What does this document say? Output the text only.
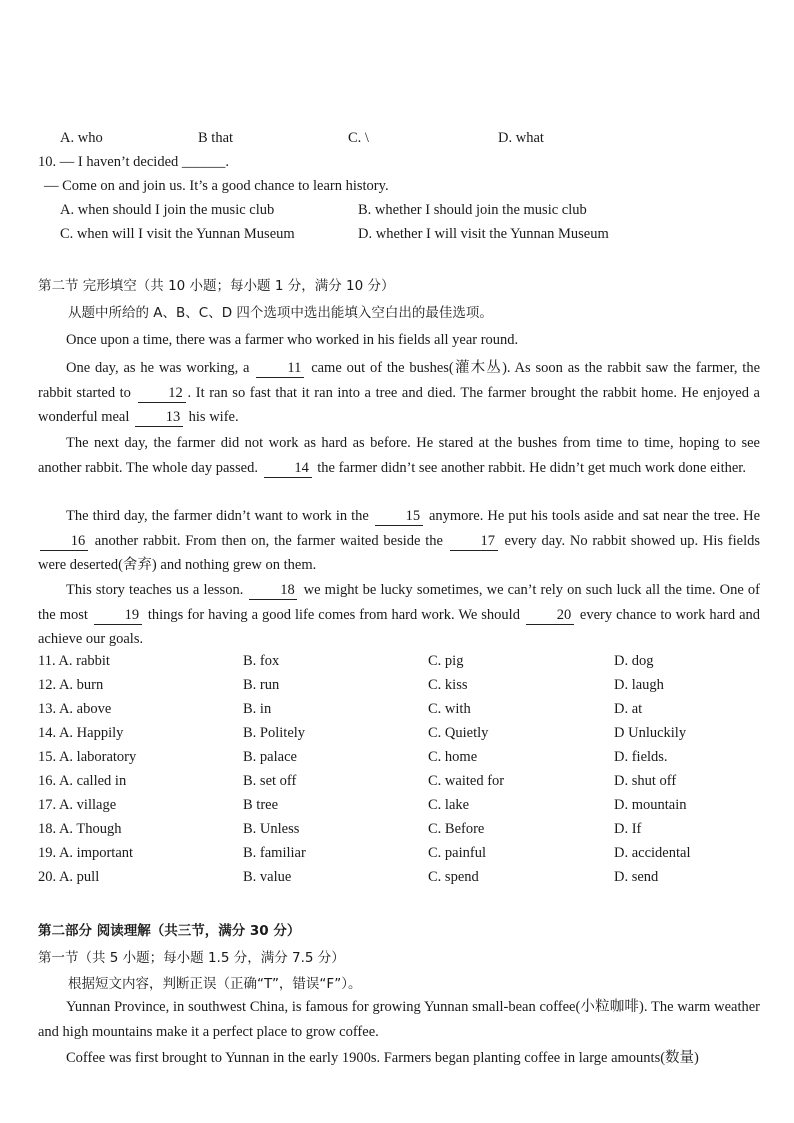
A. who	B that	C. \	D. what
10. — I haven’t decided ______.
— Come on and join us. It’s a good chance to learn history.
A. when should I join the music club	B. whether I should join the music club
C. when will I visit the Yunnan Museum	D. whether I will visit the Yunnan Museum
第二节 完形填空（共 10 小题；每小题 1 分，满分 10 分）
从题中所给的 A、B、C、D 四个选项中选出能填入空白出的最佳选项。
Once upon a time, there was a farmer who worked in his fields all year round.
One day, as he was working, a	11 came out of the bushes(灌木丛). As soon as the rabbit saw the farmer, the rabbit started to	12 . It ran so fast that it ran into a tree and died. The farmer brought the rabbit home. He enjoyed a wonderful meal	13 his wife.
The next day, the farmer did not work as hard as before. He stared at the bushes from time to time, hoping to see another rabbit. The whole day passed.	14 the farmer didn’t see another rabbit. He didn’t get much work done either.
The third day, the farmer didn’t want to work in the	15 anymore. He put his tools aside and sat near the tree. He 16 another rabbit. From then on, the farmer waited beside the	17 every day. No rabbit showed up. His fields were deserted(舍弃) and nothing grew on them.
This story teaches us a lesson.	18 we might be lucky sometimes, we can’t rely on such luck all the time. One of the most	19 things for having a good life comes from hard work. We should	20 every chance to work hard and achieve our goals.
11. A. rabbit	B. fox	C. pig	D. dog
12. A. burn	B. run	C. kiss	D. laugh
13. A. above	B. in	C. with	D. at
14. A. Happily	B. Politely	C. Quietly	D Unluckily
15. A. laboratory	B. palace	C. home	D. fields.
16. A. called in	B. set off	C. waited for	D. shut off
17. A. village	B tree	C. lake	D. mountain
18. A. Though	B. Unless	C. Before	D. If
19. A. important	B. familiar	C. painful	D. accidental
20. A. pull	B. value	C. spend	D. send
第二部分 阅读理解（共三节，满分 30 分）
第一节（共 5 小题；每小题 1.5 分，满分 7.5 分）
根据短文内容，判断正误（正确“T”，错误“F”）。
Yunnan Province, in southwest China, is famous for growing Yunnan small-bean coffee(小粒咖啡). The warm weather and high mountains make it a perfect place to grow coffee.
Coffee was first brought to Yunnan in the early 1900s. Farmers began planting coffee in large amounts(数量)
